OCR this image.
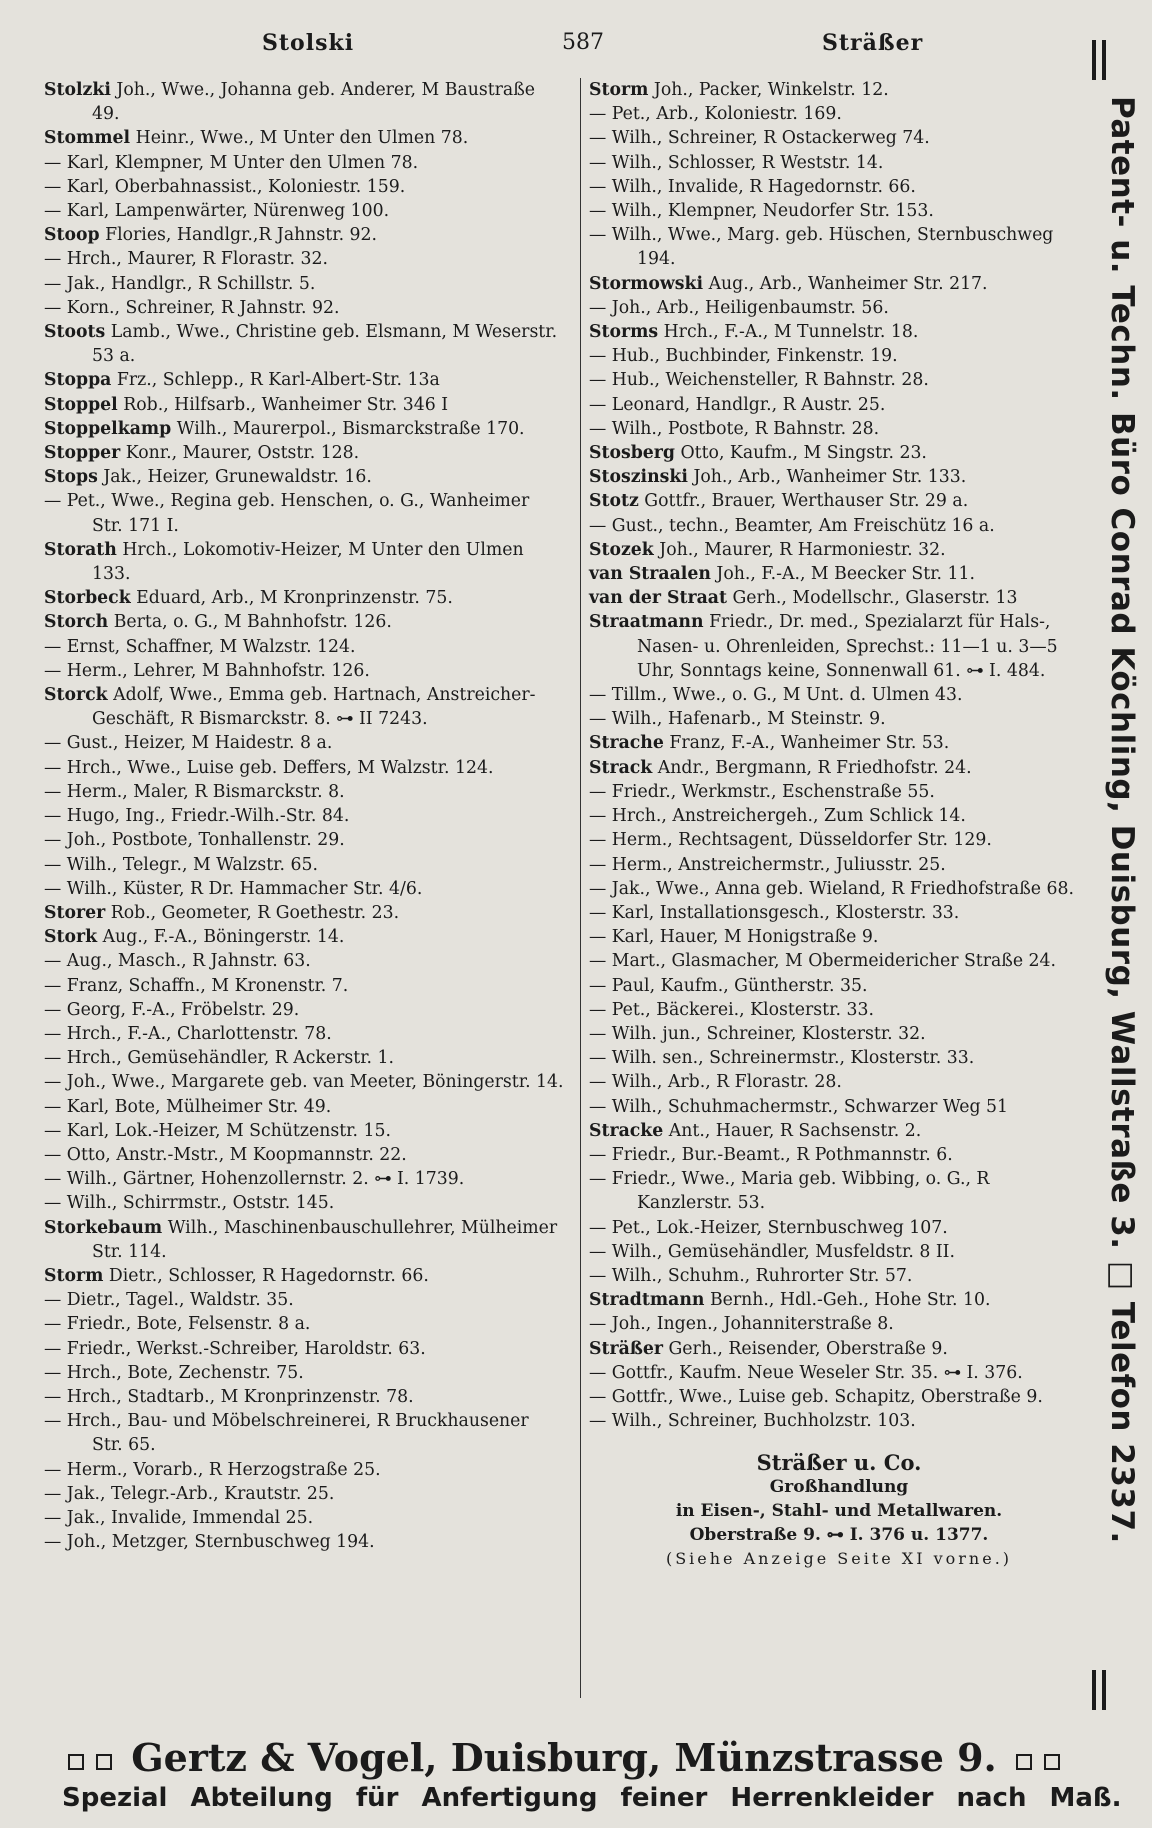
Stolski	587	Sträßer
Stolzki Joh., Wwe., Johanna geb. Anderer, M Baustraße 49.
Stommel Heinr., Wwe., M Unter den Ulmen 78.
— Karl, Klempner, M Unter den Ulmen 78.
— Karl, Oberbahnassist., Koloniestr. 159.
— Karl, Lampenwärter, Nürenweg 100.
Stoop Flories, Handlgr.,R Jahnstr. 92.
— Hrch., Maurer, R Florastr. 32.
— Jak., Handlgr., R Schillstr. 5.
— Korn., Schreiner, R Jahnstr. 92.
Stoots Lamb., Wwe., Christine geb. Elsmann, M Weserstr. 53 a.
Stoppa Frz., Schlepp., R Karl-Albert-Str. 13a
Stoppel Rob., Hilfsarb., Wanheimer Str. 346 I
Stoppelkamp Wilh., Maurerpol., Bismarckstraße 170.
Stopper Konr., Maurer, Oststr. 128.
Stops Jak., Heizer, Grunewaldstr. 16.
— Pet., Wwe., Regina geb. Henschen, o. G., Wanheimer Str. 171 I.
Storath Hrch., Lokomotiv-Heizer, M Unter den Ulmen 133.
Storbeck Eduard, Arb., M Kronprinzenstr. 75.
Storch Berta, o. G., M Bahnhofstr. 126.
— Ernst, Schaffner, M Walzstr. 124.
— Herm., Lehrer, M Bahnhofstr. 126.
Storck Adolf, Wwe., Emma geb. Hartnach, Anstreicher-Geschäft, R Bismarckstr. 8. ⊶ II 7243.
— Gust., Heizer, M Haidestr. 8 a.
— Hrch., Wwe., Luise geb. Deffers, M Walzstr. 124.
— Herm., Maler, R Bismarckstr. 8.
— Hugo, Ing., Friedr.-Wilh.-Str. 84.
— Joh., Postbote, Tonhallenstr. 29.
— Wilh., Telegr., M Walzstr. 65.
— Wilh., Küster, R Dr. Hammacher Str. 4/6.
Storer Rob., Geometer, R Goethestr. 23.
Stork Aug., F.-A., Böningerstr. 14.
— Aug., Masch., R Jahnstr. 63.
— Franz, Schaffn., M Kronenstr. 7.
— Georg, F.-A., Fröbelstr. 29.
— Hrch., F.-A., Charlottenstr. 78.
— Hrch., Gemüsehändler, R Ackerstr. 1.
— Joh., Wwe., Margarete geb. van Meeter, Böningerstr. 14.
— Karl, Bote, Mülheimer Str. 49.
— Karl, Lok.-Heizer, M Schützenstr. 15.
— Otto, Anstr.-Mstr., M Koopmannstr. 22.
— Wilh., Gärtner, Hohenzollernstr. 2. ⊶ I. 1739.
— Wilh., Schirrmstr., Oststr. 145.
Storkebaum Wilh., Maschinenbauschullehrer, Mülheimer Str. 114.
Storm Dietr., Schlosser, R Hagedornstr. 66.
— Dietr., Tagel., Waldstr. 35.
— Friedr., Bote, Felsenstr. 8 a.
— Friedr., Werkst.-Schreiber, Haroldstr. 63.
— Hrch., Bote, Zechenstr. 75.
— Hrch., Stadtarb., M Kronprinzenstr. 78.
— Hrch., Bau- und Möbelschreinerei, R Bruckhausener Str. 65.
— Herm., Vorarb., R Herzogstraße 25.
— Jak., Telegr.-Arb., Krautstr. 25.
— Jak., Invalide, Immendal 25.
— Joh., Metzger, Sternbuschweg 194.
Storm Joh., Packer, Winkelstr. 12.
— Pet., Arb., Koloniestr. 169.
— Wilh., Schreiner, R Ostackerweg 74.
— Wilh., Schlosser, R Weststr. 14.
— Wilh., Invalide, R Hagedornstr. 66.
— Wilh., Klempner, Neudorfer Str. 153.
— Wilh., Wwe., Marg. geb. Hüschen, Sternbuschweg 194.
Stormowski Aug., Arb., Wanheimer Str. 217.
— Joh., Arb., Heiligenbaumstr. 56.
Storms Hrch., F.-A., M Tunnelstr. 18.
— Hub., Buchbinder, Finkenstr. 19.
— Hub., Weichensteller, R Bahnstr. 28.
— Leonard, Handlgr., R Austr. 25.
— Wilh., Postbote, R Bahnstr. 28.
Stosberg Otto, Kaufm., M Singstr. 23.
Stoszinski Joh., Arb., Wanheimer Str. 133.
Stotz Gottfr., Brauer, Werthauser Str. 29 a.
— Gust., techn., Beamter, Am Freischütz 16 a.
Stozek Joh., Maurer, R Harmoniestr. 32.
van Straalen Joh., F.-A., M Beecker Str. 11.
van der Straat Gerh., Modellschr., Glaserstr. 13
Straatmann Friedr., Dr. med., Spezialarzt für Hals-, Nasen- u. Ohrenleiden, Sprechst.: 11—1 u. 3—5 Uhr, Sonntags keine, Sonnenwall 61. ⊶ I. 484.
— Tillm., Wwe., o. G., M Unt. d. Ulmen 43.
— Wilh., Hafenarb., M Steinstr. 9.
Strache Franz, F.-A., Wanheimer Str. 53.
Strack Andr., Bergmann, R Friedhofstr. 24.
— Friedr., Werkmstr., Eschenstraße 55.
— Hrch., Anstreichergeh., Zum Schlick 14.
— Herm., Rechtsagent, Düsseldorfer Str. 129.
— Herm., Anstreichermstr., Juliusstr. 25.
— Jak., Wwe., Anna geb. Wieland, R Friedhofstraße 68.
— Karl, Installationsgesch., Klosterstr. 33.
— Karl, Hauer, M Honigstraße 9.
— Mart., Glasmacher, M Obermeidericher Straße 24.
— Paul, Kaufm., Güntherstr. 35.
— Pet., Bäckerei., Klosterstr. 33.
— Wilh. jun., Schreiner, Klosterstr. 32.
— Wilh. sen., Schreinermstr., Klosterstr. 33.
— Wilh., Arb., R Florastr. 28.
— Wilh., Schuhmachermstr., Schwarzer Weg 51
Stracke Ant., Hauer, R Sachsenstr. 2.
— Friedr., Bur.-Beamt., R Pothmannstr. 6.
— Friedr., Wwe., Maria geb. Wibbing, o. G., R Kanzlerstr. 53.
— Pet., Lok.-Heizer, Sternbuschweg 107.
— Wilh., Gemüsehändler, Musfeldstr. 8 II.
— Wilh., Schuhm., Ruhrorter Str. 57.
Stradtmann Bernh., Hdl.-Geh., Hohe Str. 10.
— Joh., Ingen., Johanniterstraße 8.
Sträßer Gerh., Reisender, Oberstraße 9.
— Gottfr., Kaufm. Neue Weseler Str. 35. ⊶ I. 376.
— Gottfr., Wwe., Luise geb. Schapitz, Oberstraße 9.
— Wilh., Schreiner, Buchholzstr. 103.
Sträßer u. Co.
Großhandlung
in Eisen-, Stahl- und Metallwaren.
Oberstraße 9. ⊶ I. 376 u. 1377.
(Siehe Anzeige Seite XI vorne.)
Patent- u. Techn. Büro Conrad Köchling, Duisburg, Wallstraße 3. □ Telefon 2337.
Gertz & Vogel, Duisburg, Münzstrasse 9.
Spezial Abteilung für Anfertigung feiner Herrenkleider nach Maß.
